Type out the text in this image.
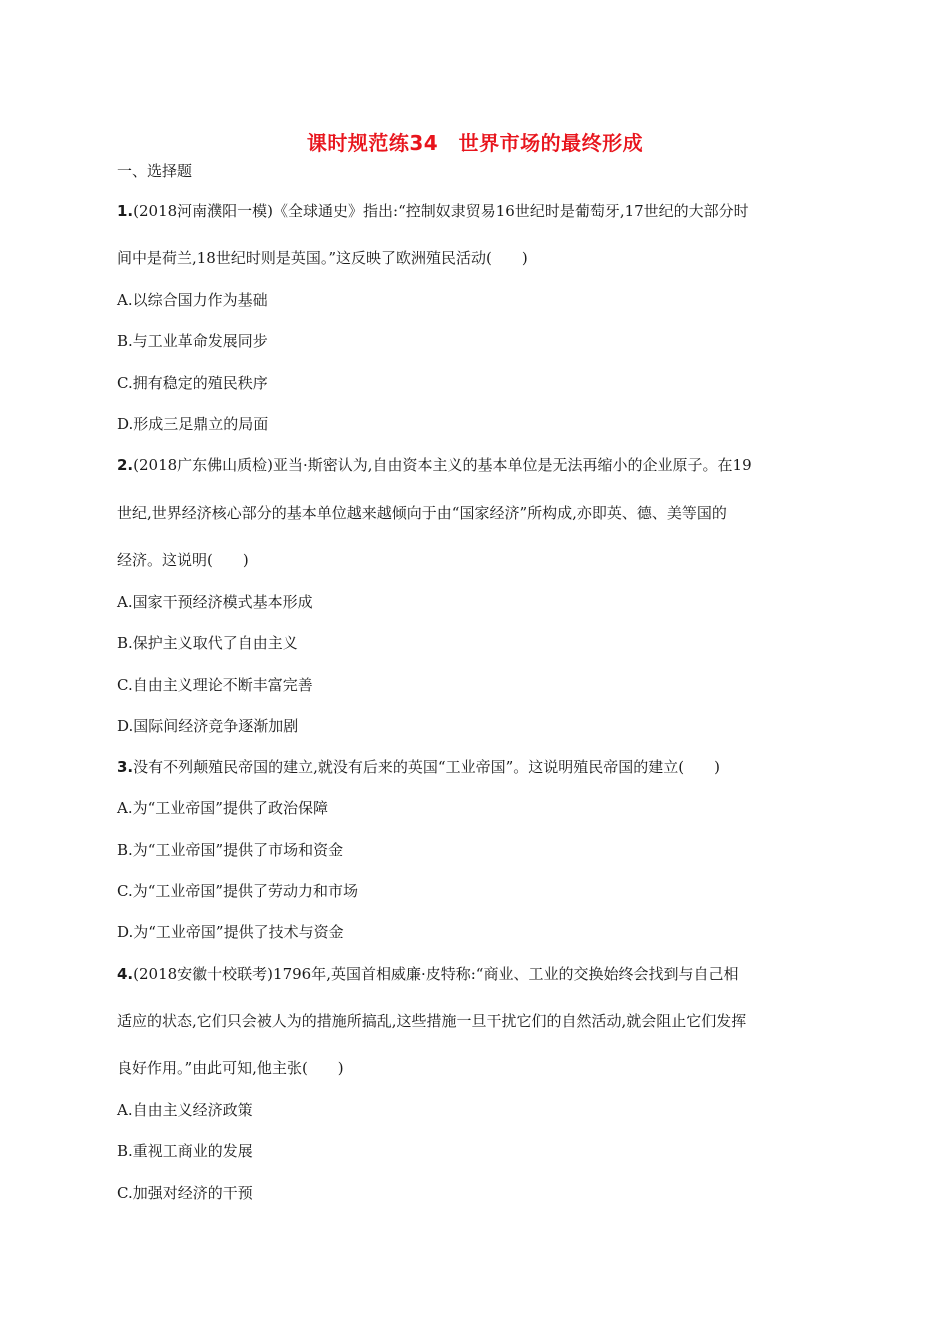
课时规范练34　世界市场的最终形成
一、选择题
1.(2018河南濮阳一模)《全球通史》指出:“控制奴隶贸易16世纪时是葡萄牙,17世纪的大部分时
间中是荷兰,18世纪时则是英国。”这反映了欧洲殖民活动(　　)
A.以综合国力作为基础
B.与工业革命发展同步
C.拥有稳定的殖民秩序
D.形成三足鼎立的局面
2.(2018广东佛山质检)亚当·斯密认为,自由资本主义的基本单位是无法再缩小的企业原子。在19
世纪,世界经济核心部分的基本单位越来越倾向于由“国家经济”所构成,亦即英、德、美等国的
经济。这说明(　　)
A.国家干预经济模式基本形成
B.保护主义取代了自由主义
C.自由主义理论不断丰富完善
D.国际间经济竞争逐渐加剧
3.没有不列颠殖民帝国的建立,就没有后来的英国“工业帝国”。这说明殖民帝国的建立(　　)
A.为“工业帝国”提供了政治保障
B.为“工业帝国”提供了市场和资金
C.为“工业帝国”提供了劳动力和市场
D.为“工业帝国”提供了技术与资金
4.(2018安徽十校联考)1796年,英国首相威廉·皮特称:“商业、工业的交换始终会找到与自己相
适应的状态,它们只会被人为的措施所搞乱,这些措施一旦干扰它们的自然活动,就会阻止它们发挥
良好作用。”由此可知,他主张(　　)
A.自由主义经济政策
B.重视工商业的发展
C.加强对经济的干预
